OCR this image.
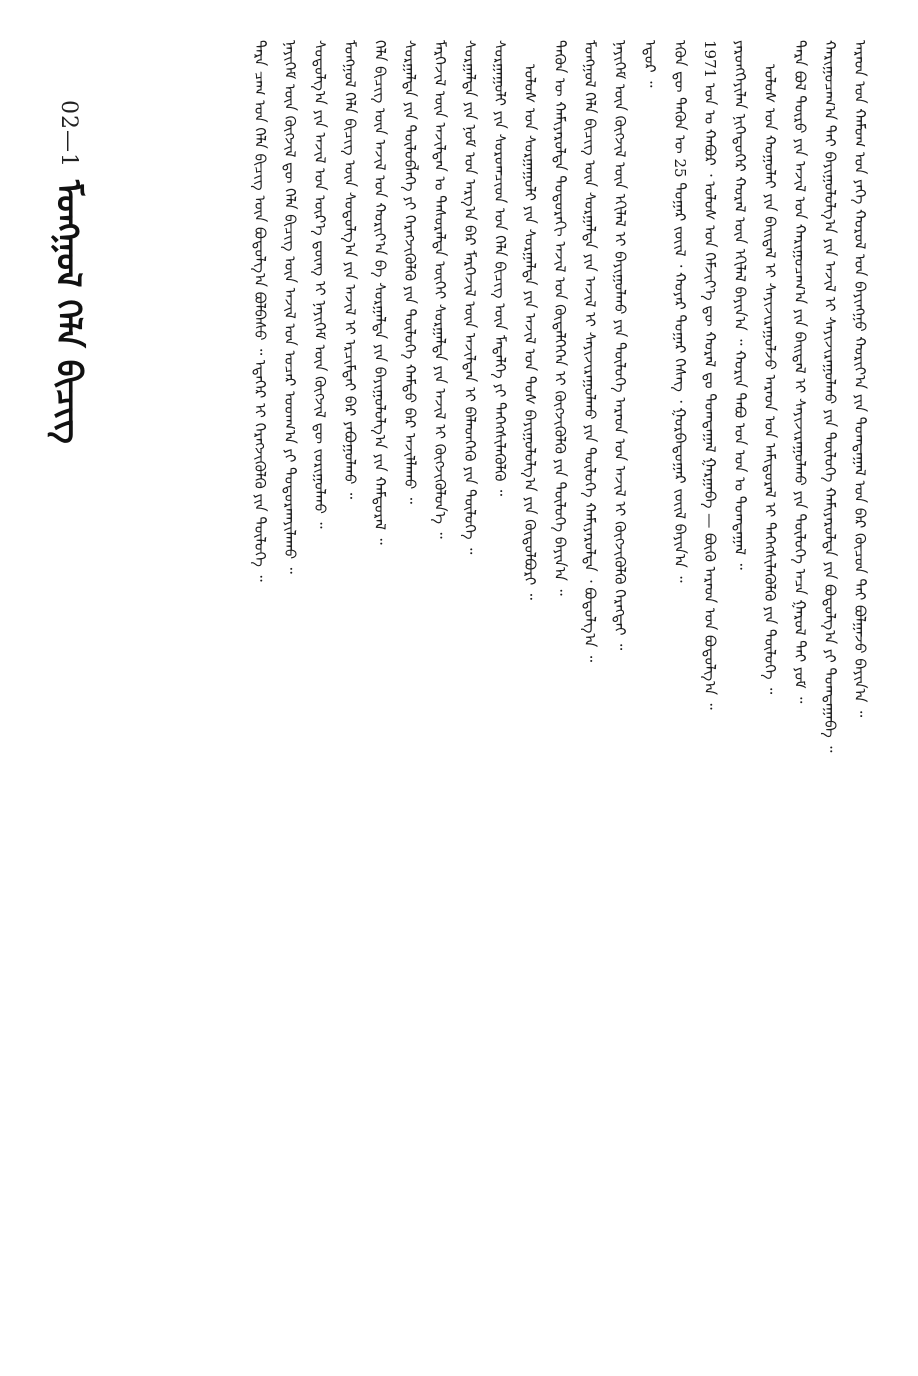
02—1
ᠮᠣᠩᠭᠣᠯ ᠬᠡᠯᠡ ᠪᠢᠴᠢᠭ	ᠠᠷᠠᠳ ᠤᠨ ᠬᠠᠮᠤᠭ ᠤᠨ ᠶᠡᠭᠡ ᠬᠣᠷᠤᠯ ᠤᠨ ᠪᠠᠶᠢᠩᠭᠤ ᠬᠣᠷᠢᠶ᠎ᠠ ᠶᠢᠨ ᠲᠣᠭᠲᠠᠭᠠᠯ ᠣᠨ ᠪᠠᠷ ᠬᠦᠴᠦᠨ ᠲᠡᠢ ᠪᠣᠯᠭᠠᠵᠤ ᠪᠠᠶᠢᠨ᠎ᠠ ᠃
ᠬᠠᠷᠢᠭᠤᠴᠠᠭ᠎ᠠ ᠲᠠᠢ ᠪᠠᠶᠢᠭᠤᠯᠤᠯᠭ᠎ᠠ ᠶᠢᠨ ᠠᠵᠢᠯ ᠢ ᠰᠠᠶᠢᠵᠢᠷᠠᠭᠤᠯᠬᠤ ᠶᠢᠨ ᠲᠥᠯᠥᠭᠡ ᠬᠠᠮᠢᠶᠠᠷᠤᠯᠲᠠ ᠶᠢᠨ ᠪᠣᠳᠤᠯᠭ᠎ᠠ ᠶᠢ ᠲᠣᠭᠲᠠᠭᠠᠪᠠ ᠃
ᠲᠡᠷᠡ ᠪᠣᠯ ᠲᠥᠷᠦ ᠶᠢᠨ ᠠᠵᠢᠯ ᠤᠨ ᠬᠠᠷᠢᠭᠤᠴᠠᠭ᠎ᠠ ᠶᠢᠨ ᠪᠠᠢᠳᠠᠯ ᠢ ᠰᠠᠶᠢᠵᠢᠷᠠᠭᠤᠯᠬᠤ ᠶᠢᠨ ᠲᠥᠯᠥᠭᠡ ᠠᠴᠠ ᠭᠠᠷᠤᠯ ᠲᠠᠢ ᠶᠤᠮ ᠃
ᠤᠯᠤᠰ ᠤᠨ ᠬᠣᠭᠣᠯᠠᠢ ᠶᠢᠨ ᠪᠠᠢᠳᠠᠯ ᠢ ᠰᠠᠶᠢᠵᠢᠷᠠᠭᠤᠯᠵᠤ ᠠᠷᠠᠳ ᠤᠨ ᠠᠮᠢᠳᠤᠷᠠᠯ ᠢ ᠳᠡᠭᠡᠭᠰᠢᠯᠡᠭᠦᠯᠬᠦ ᠶᠢᠨ ᠲᠥᠯᠥᠭᠡ ᠃
ᠶᠡᠷᠦᠩᠬᠡᠶᠢᠯᠡᠨ ᠨᠢᠭᠡᠳᠦᠭᠡᠷ ᠬᠤᠷᠠᠯ ᠦᠨ ᠡᠬᠢᠯᠡᠯ ᠪᠠᠶᠢᠨ᠎ᠠ ᠃ ᠬᠣᠷᠢᠨ ᠲᠠᠪᠤ ᠤᠨ ᠣᠨ ᠤ ᠲᠣᠭᠲᠠᠭᠠᠯ ᠃
1971 ᠣᠨ ᠤ ᠬᠠᠪᠤᠷ ᠂ ᠤᠯᠤᠰ ᠤᠨ ᠬᠡᠮᠵᠢᠶ᠎ᠡ ᠳᠦ ᠬᠤᠷᠠᠯ ᠳᠤ ᠲᠣᠭᠲᠠᠭᠠᠯ ᠭᠠᠷᠭᠠᠪᠠ — ᠪᠦᠬᠦ ᠠᠷᠠᠳ ᠤᠨ ᠪᠣᠳᠤᠯᠭ᠎ᠠ ᠃
ᠡᠭᠦᠨ ᠳᠦ ᠲᠡᠭᠦᠨ ᠦ 25 ᠳᠤᠭᠠᠷ ᠵᠦᠢᠯ ᠂ ᠬᠣᠶᠠᠷ ᠳᠤᠭᠠᠷ ᠬᠡᠰᠡᠭ ᠂ ᠭᠤᠷᠪᠠᠳᠤᠭᠠᠷ ᠵᠦᠢᠯ ᠪᠠᠶᠢᠨ᠎ᠠ ᠃
ᠡᠳᠦᠷ ᠃
ᠨᠡᠶᠢᠭᠡᠮ ᠦᠨ ᠬᠥᠭᠵᠢᠯ ᠦᠨ ᠡᠬᠢᠯᠡᠯ ᠢ ᠪᠠᠶᠢᠭᠤᠯᠬᠤ ᠶᠢᠨ ᠲᠥᠯᠥᠭᠡ ᠠᠷᠠᠳ ᠤᠨ ᠠᠵᠢᠯ ᠢ ᠬᠥᠭᠵᠢᠭᠦᠯᠬᠦ ᠬᠡᠷᠡᠭᠲᠡᠢ ᠃
ᠮᠣᠩᠭᠣᠯ ᠬᠡᠯᠡ ᠪᠢᠴᠢᠭ ᠦᠨ ᠰᠤᠷᠭᠠᠯᠲᠠ ᠶᠢᠨ ᠠᠵᠢᠯ ᠢ ᠰᠠᠶᠢᠵᠢᠷᠠᠭᠤᠯᠬᠤ ᠶᠢᠨ ᠲᠥᠯᠥᠭᠡ ᠬᠠᠮᠢᠶᠠᠷᠤᠯᠲᠠ ᠂ ᠪᠣᠳᠤᠯᠭ᠎ᠠ ᠃
ᠲᠡᠭᠦᠨ ᠦ ᠬᠠᠮᠢᠶᠠᠷᠤᠯᠲᠠ ᠳᠣᠲᠣᠷᠠᠬᠢ ᠠᠵᠢᠯ ᠤᠨ ᠬᠥᠳᠡᠯᠭᠡᠭᠡᠨ ᠢ ᠬᠥᠭᠵᠢᠭᠦᠯᠬᠦ ᠶᠢᠨ ᠲᠥᠯᠥᠭᠡ ᠪᠠᠶᠢᠨ᠎ᠠ ᠃
ᠤᠯᠤᠰ ᠤᠨ ᠰᠤᠷᠭᠠᠭᠤᠯᠢ ᠶᠢᠨ ᠰᠤᠷᠭᠠᠯᠲᠠ ᠶᠢᠨ ᠠᠵᠢᠯ ᠤᠨ ᠲᠤᠰ ᠪᠠᠶᠢᠭᠤᠯᠤᠯᠭ᠎ᠠ ᠶᠢᠨ ᠬᠥᠲᠦᠯᠪᠦᠷᠢ ᠃
ᠰᠤᠷᠭᠠᠭᠤᠯᠢ ᠶᠢᠨ ᠰᠤᠷᠤᠭᠴᠢᠳ ᠤᠨ ᠬᠡᠯᠡ ᠪᠢᠴᠢᠭ ᠦᠨ ᠮᠡᠳᠡᠯᠭᠡ ᠶᠢ ᠳᠡᠭᠡᠭᠰᠢᠯᠡᠭᠦᠯᠬᠦ ᠃
ᠰᠤᠷᠭᠠᠯᠲᠠ ᠶᠢᠨ ᠨᠣᠮ ᠤᠨ ᠠᠷᠭ᠎ᠠ ᠪᠠᠷ ᠮᠡᠷᠭᠡᠵᠢᠯ ᠦᠨ ᠠᠵᠢᠯᠲᠠᠨ ᠢ ᠪᠡᠯᠡᠳᠬᠡᠬᠦ ᠶᠢᠨ ᠲᠥᠯᠥᠭᠡ ᠃
ᠮᠡᠷᠭᠡᠵᠢᠯ ᠦᠨ ᠠᠵᠢᠯᠲᠠᠨ ᠤ ᠲᠠᠰᠤᠷᠠᠯᠲᠠ ᠦᠭᠡᠢ ᠰᠤᠷᠭᠠᠯᠲᠠ ᠶᠢᠨ ᠠᠵᠢᠯ ᠢ ᠬᠥᠭᠵᠢᠭᠦᠯᠦᠨ᠎ᠡ ᠃
ᠰᠤᠷᠭᠠᠯᠲᠠ ᠶᠢᠨ ᠲᠥᠯᠥᠪᠯᠡᠭᠡ ᠶᠢ ᠬᠡᠷᠡᠭᠵᠢᠭᠦᠯᠬᠦ ᠶᠢᠨ ᠲᠥᠯᠥᠭᠡ ᠬᠠᠮᠲᠤ ᠪᠠᠷ ᠠᠵᠢᠯᠯᠠᠬᠤ ᠃
ᠬᠡᠯᠡ ᠪᠢᠴᠢᠭ ᠦᠨ ᠠᠵᠢᠯ ᠤᠨ ᠬᠣᠷᠢᠶ᠎ᠠ ᠪᠠ ᠰᠤᠷᠭᠠᠯᠲᠠ ᠶᠢᠨ ᠪᠠᠶᠢᠭᠤᠯᠤᠯᠭ᠎ᠠ ᠶᠢᠨ ᠬᠠᠮᠲᠤᠷᠠᠯ ᠃
ᠮᠣᠩᠭᠣᠯ ᠬᠡᠯᠡ ᠪᠢᠴᠢᠭ ᠦᠨ ᠰᠤᠳᠤᠯᠭ᠎ᠠ ᠶᠢᠨ ᠠᠵᠢᠯ ᠢ ᠡᠷᠴᠢᠮᠲᠡᠢ ᠪᠡᠷ ᠶᠠᠪᠤᠭᠤᠯᠬᠤ ᠃
ᠰᠤᠳᠤᠯᠭ᠎ᠠ ᠶᠢᠨ ᠠᠵᠢᠯ ᠤᠨ ᠦᠷ᠎ᠡ ᠳ᠋ᠦᠩ ᠢ ᠨᠡᠶᠢᠭᠡᠮ ᠦᠨ ᠬᠥᠭᠵᠢᠯ ᠳᠦ ᠵᠣᠷᠢᠭᠤᠯᠬᠤ ᠃
ᠨᠡᠶᠢᠭᠡᠮ ᠦᠨ ᠬᠥᠭᠵᠢᠯ ᠳᠦ ᠬᠡᠯᠡ ᠪᠢᠴᠢᠭ ᠦᠨ ᠠᠵᠢᠯ ᠤᠨ ᠤᠴᠠᠷ ᠤᠳᠬ᠎ᠠ ᠶᠢ ᠲᠣᠳᠣᠷᠬᠠᠶᠢᠯᠠᠬᠤ ᠃
ᠲᠡᠷᠡ ᠴᠠᠭ ᠤᠨ ᠬᠡᠯᠡ ᠪᠢᠴᠢᠭ ᠦᠨ ᠪᠣᠳᠤᠯᠭ᠎ᠠ ᠪᠣᠯᠪᠠᠰᠤ ᠃ ᠡᠳᠡᠭᠡᠷ ᠢ ᠬᠡᠷᠡᠭᠵᠢᠭᠦᠯᠬᠦ ᠶᠢᠨ ᠲᠥᠯᠥᠭᠡ ᠃
